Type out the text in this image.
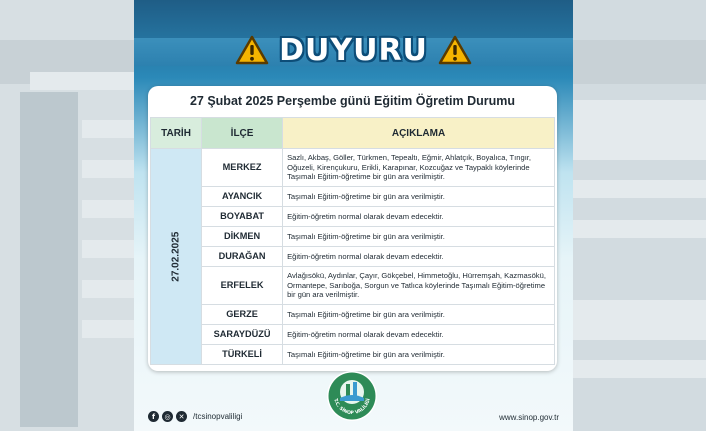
DUYURU
27 Şubat 2025 Perşembe günü Eğitim Öğretim Durumu
TARİH	İLÇE	AÇIKLAMA
27.02.2025	MERKEZ	Sazlı, Akbaş, Göller, Türkmen, Tepealtı, Eğmir, Ahlatçık, Boyalıca, Tıngır, Oğuzeli, Kirençukuru, Erikli, Karapınar, Kozcuğaz ve Taypaklı köylerinde Taşımalı Eğitim-öğretime bir gün ara verilmiştir.
	AYANCIK	Taşımalı Eğitim-öğretime bir gün ara verilmiştir.
	BOYABAT	Eğitim-öğretim normal olarak devam edecektir.
	DİKMEN	Taşımalı Eğitim-öğretime bir gün ara verilmiştir.
	DURAĞAN	Eğitim-öğretim normal olarak devam edecektir.
	ERFELEK	Avlağısökü, Aydınlar, Çayır, Gökçebel, Himmetoğlu, Hürremşah, Kazmasökü, Ormantepe, Sarıboğa, Sorgun ve Tatlıca köylerinde Taşımalı Eğitim-öğretime bir gün ara verilmiştir.
	GERZE	Taşımalı Eğitim-öğretime bir gün ara verilmiştir.
	SARAYDÜZÜ	Eğitim-öğretim normal olarak devam edecektir.
	TÜRKELİ	Taşımalı Eğitim-öğretime bir gün ara verilmiştir.
f	◎	✕	/tcsinopvaliligi	www.sinop.gov.tr
T.C. SİNOP VALİLİĞİ
